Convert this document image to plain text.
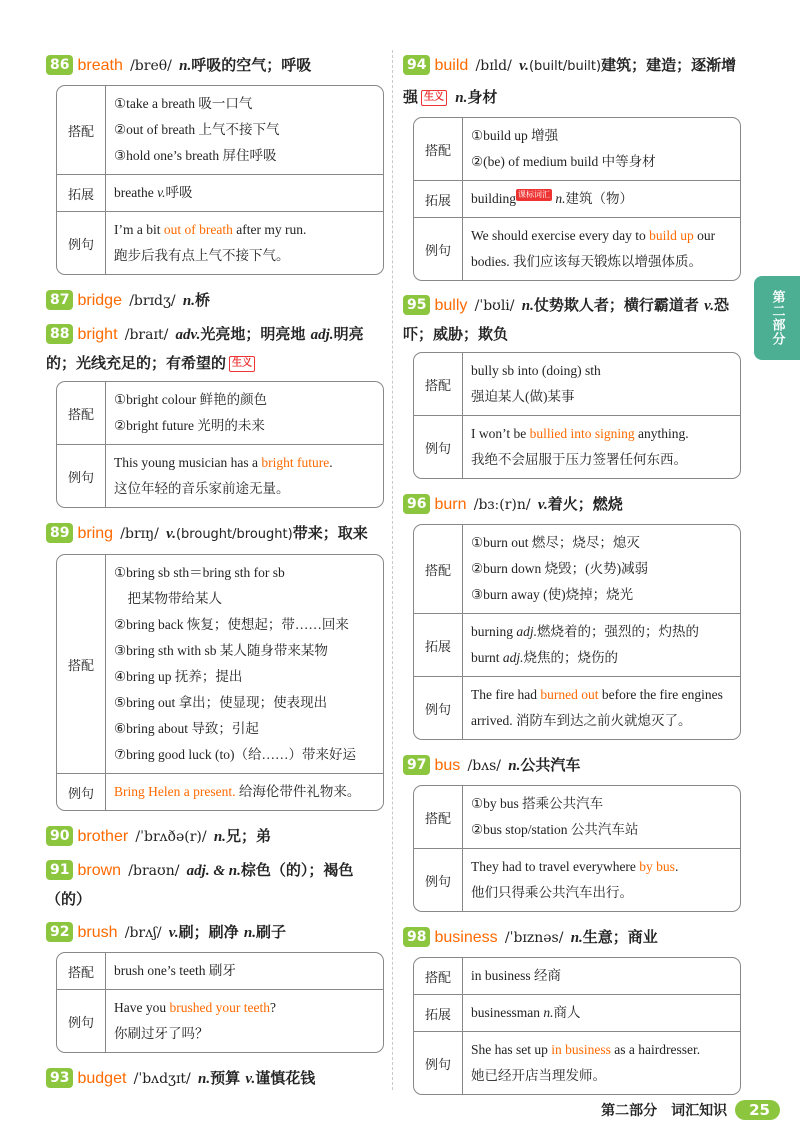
86 breath /breθ/ n.呼吸的空气；呼吸
搭配
①take a breath 吸一口气
②out of breath 上气不接下气
③hold one’s breath 屏住呼吸
拓展	breathe v.呼吸
例句
I’m a bit out of breath after my run.
跑步后我有点上气不接下气。
87 bridge /brɪdʒ/ n.桥
88 bright /braɪt/ adv.光亮地；明亮地 adj.明亮的；光线充足的；有希望的 生义
搭配
①bright colour 鲜艳的颜色
②bright future 光明的未来
例句
This young musician has a bright future.
这位年轻的音乐家前途无量。
89 bring /brɪŋ/ v.(brought/brought)带来；取来
搭配
①bring sb sth＝bring sth for sb
　把某物带给某人
②bring back 恢复；使想起；带……回来
③bring sth with sb 某人随身带来某物
④bring up 抚养；提出
⑤bring out 拿出；使显现；使表现出
⑥bring about 导致；引起
⑦bring good luck (to)（给……）带来好运
例句	Bring Helen a present. 给海伦带件礼物来。
90 brother /ˈbrʌðə(r)/ n.兄；弟
91 brown /braʊn/ adj. & n.棕色（的）；褐色（的）
92 brush /brʌʃ/ v.刷；刷净 n.刷子
搭配	brush one’s teeth 刷牙
例句
Have you brushed your teeth?
你刷过牙了吗？
93 budget /ˈbʌdʒɪt/ n.预算 v.谨慎花钱
94 build /bɪld/ v.(built/built)建筑；建造；逐渐增强 生义 n.身材
搭配
①build up 增强
②(be) of medium build 中等身材
拓展	building 课标词汇 n.建筑（物）
例句
We should exercise every day to build up our bodies. 我们应该每天锻炼以增强体质。
95 bully /ˈbʊli/ n.仗势欺人者；横行霸道者 v.恐吓；威胁；欺负
搭配
bully sb into (doing) sth
强迫某人(做)某事
例句
I won’t be bullied into signing anything.
我绝不会屈服于压力签署任何东西。
96 burn /bɜː(r)n/ v.着火；燃烧
搭配
①burn out 燃尽；烧尽；熄灭
②burn down 烧毁；(火势)减弱
③burn away (使)烧掉；烧光
拓展
burning adj.燃烧着的；强烈的；灼热的
burnt adj.烧焦的；烧伤的
例句
The fire had burned out before the fire engines arrived. 消防车到达之前火就熄灭了。
97 bus /bʌs/ n.公共汽车
搭配
①by bus 搭乘公共汽车
②bus stop/station 公共汽车站
例句
They had to travel everywhere by bus.
他们只得乘公共汽车出行。
98 business /ˈbɪznəs/ n.生意；商业
搭配	in business 经商
拓展	businessman n.商人
例句
She has set up in business as a hairdresser.
她已经开店当理发师。
第二部分
第二部分　词汇知识	25
